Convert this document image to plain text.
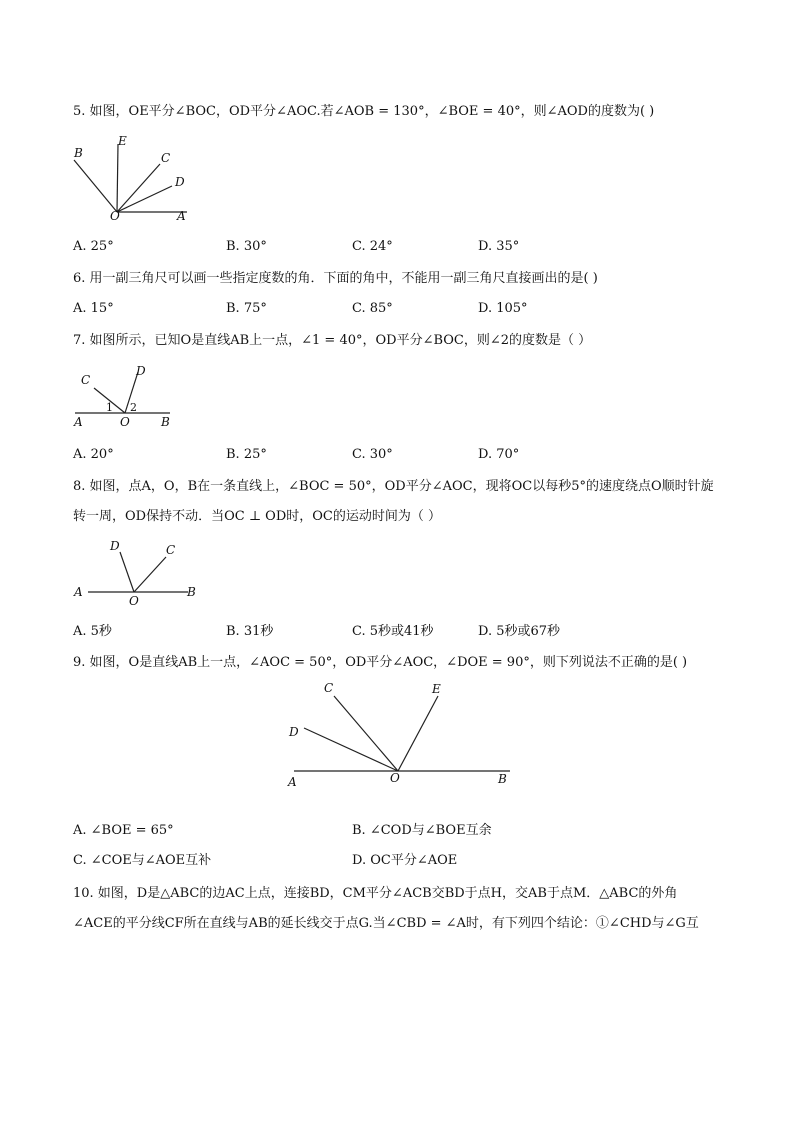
5. 如图，OE平分∠BOC，OD平分∠AOC.若∠AOB = 130°，∠BOE = 40°，则∠AOD的度数为( )
B
E
C
D
O	A
A. 25°	B. 30°	C. 24°	D. 35°
6. 用一副三角尺可以画一些指定度数的角．下面的角中，不能用一副三角尺直接画出的是( )
A. 15°	B. 75°	C. 85°	D. 105°
7. 如图所示，已知O是直线AB上一点，∠1 = 40°，OD平分∠BOC，则∠2的度数是（ ）
C
D
1 2
A	O	B
A. 20°	B. 25°	C. 30°	D. 70°
8. 如图，点A，O，B在一条直线上，∠BOC = 50°，OD平分∠AOC，现将OC以每秒5°的速度绕点O顺时针旋
转一周，OD保持不动．当OC ⊥ OD时，OC的运动时间为（ ）
D	C
A
O
B
A. 5秒	B. 31秒	C. 5秒或41秒	D. 5秒或67秒
9. 如图，O是直线AB上一点，∠AOC = 50°，OD平分∠AOC，∠DOE = 90°，则下列说法不正确的是( )
C	E
D
A	O	B
A. ∠BOE = 65°	B. ∠COD与∠BOE互余
C. ∠COE与∠AOE互补	D. OC平分∠AOE
10. 如图，D是△ABC的边AC上点，连接BD，CM平分∠ACB交BD于点H，交AB于点M．△ABC的外角
∠ACE的平分线CF所在直线与AB的延长线交于点G.当∠CBD = ∠A时，有下列四个结论：①∠CHD与∠G互
